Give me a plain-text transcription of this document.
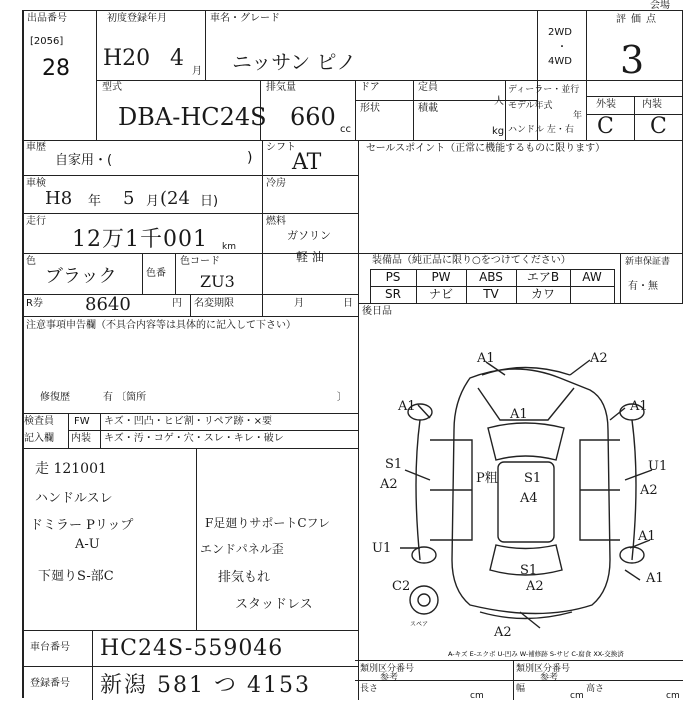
出品番号
[2056]
28
初度登録年月
H20 4
月
車名・グレード
ニッサン ピノ
2WD
・
4WD
評価点
3
会場
型式
DBA-HC24S
排気量
660 cc
ドア
形状
定員
人
積載
kg
ディーラー・並行
モデル年式
年
ハンドル 左・右
外装	内装
C C
車歴
自家用・(	)
シフト
AT
車検
H8 年 5 月 (24 日)
冷房
走行
12万1千001 km
燃料
ガソリン
軽 油
色
ブラック	色番
色コード
ZU3
R券 8640	円 名変期限	月	日
セールスポイント（正常に機能するものに限ります）
装備品（純正品に限り○をつけてください）	新車保証書
有・無
後日品
PS	PW	ABS	エアB	AW
SR	ナビ	TV	カワ
注意事項申告欄（不具合内容等は具体的に記入して下さい）
修復歴	有 〔箇所	〕
検査員
記入欄
FW キズ・凹凸・ヒビ割・リペア跡・×要
内装 キズ・汚・コゲ・穴・スレ・キレ・破レ
走 121001
ハンドルスレ
ドミラー Pリップ
A-U
下廻りS-部C
F足廻りサポートCフレ
エンドパネル歪
排気もれ
スタッドレス
A1	A2
A1
A1
A1
S1
A2	P粗 S1
A4
U1
A2
U1
A1
S1
A2
C2
A1
A2
スペア
A-キズ E-エクボ U-凹み W-補修跡 S-サビ C-腐食 XX-交換済
車台番号 HC24S-559046
登録番号 新潟 581 つ 4153
類別区分番号
参考
類別区分番号
参考
長さ
cm
幅
cm
高さ
cm
